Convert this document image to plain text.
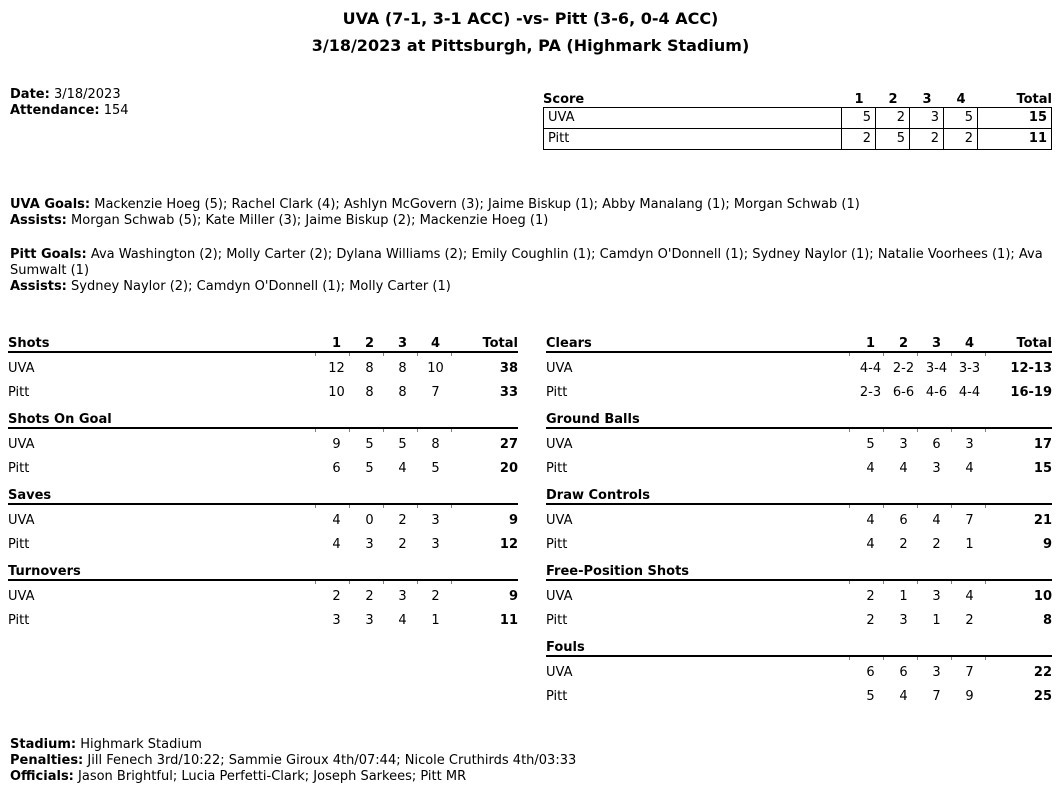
UVA (7-1, 3-1 ACC) -vs- Pitt (3-6, 0-4 ACC)
3/18/2023 at Pittsburgh, PA (Highmark Stadium)
Date: 3/18/2023
Attendance: 154
Score	1	2	3	4	Total
UVA	5	2	3	5	15
Pitt	2	5	2	2	11
UVA Goals: Mackenzie Hoeg (5); Rachel Clark (4); Ashlyn McGovern (3); Jaime Biskup (1); Abby Manalang (1); Morgan Schwab (1)
Assists: Morgan Schwab (5); Kate Miller (3); Jaime Biskup (2); Mackenzie Hoeg (1)
Pitt Goals: Ava Washington (2); Molly Carter (2); Dylana Williams (2); Emily Coughlin (1); Camdyn O'Donnell (1); Sydney Naylor (1); Natalie Voorhees (1); Ava Sumwalt (1)
Assists: Sydney Naylor (2); Camdyn O'Donnell (1); Molly Carter (1)
Shots	1	2	3	4	Total
UVA	12	8	8	10	38
Pitt	10	8	8	7	33
Shots On Goal
UVA	9	5	5	8	27
Pitt	6	5	4	5	20
Saves
UVA	4	0	2	3	9
Pitt	4	3	2	3	12
Turnovers
UVA	2	2	3	2	9
Pitt	3	3	4	1	11
Clears	1	2	3	4	Total
UVA	4-4 2-2 3-4 3-3	12-13
Pitt	2-3 6-6 4-6 4-4	16-19
Ground Balls
UVA	5	3	6	3	17
Pitt	4	4	3	4	15
Draw Controls
UVA	4	6	4	7	21
Pitt	4	2	2	1	9
Free-Position Shots
UVA	2	1	3	4	10
Pitt	2	3	1	2	8
Fouls
UVA	6	6	3	7	22
Pitt	5	4	7	9	25
Stadium: Highmark Stadium
Penalties: Jill Fenech 3rd/10:22; Sammie Giroux 4th/07:44; Nicole Cruthirds 4th/03:33
Officials: Jason Brightful; Lucia Perfetti-Clark; Joseph Sarkees; Pitt MR
